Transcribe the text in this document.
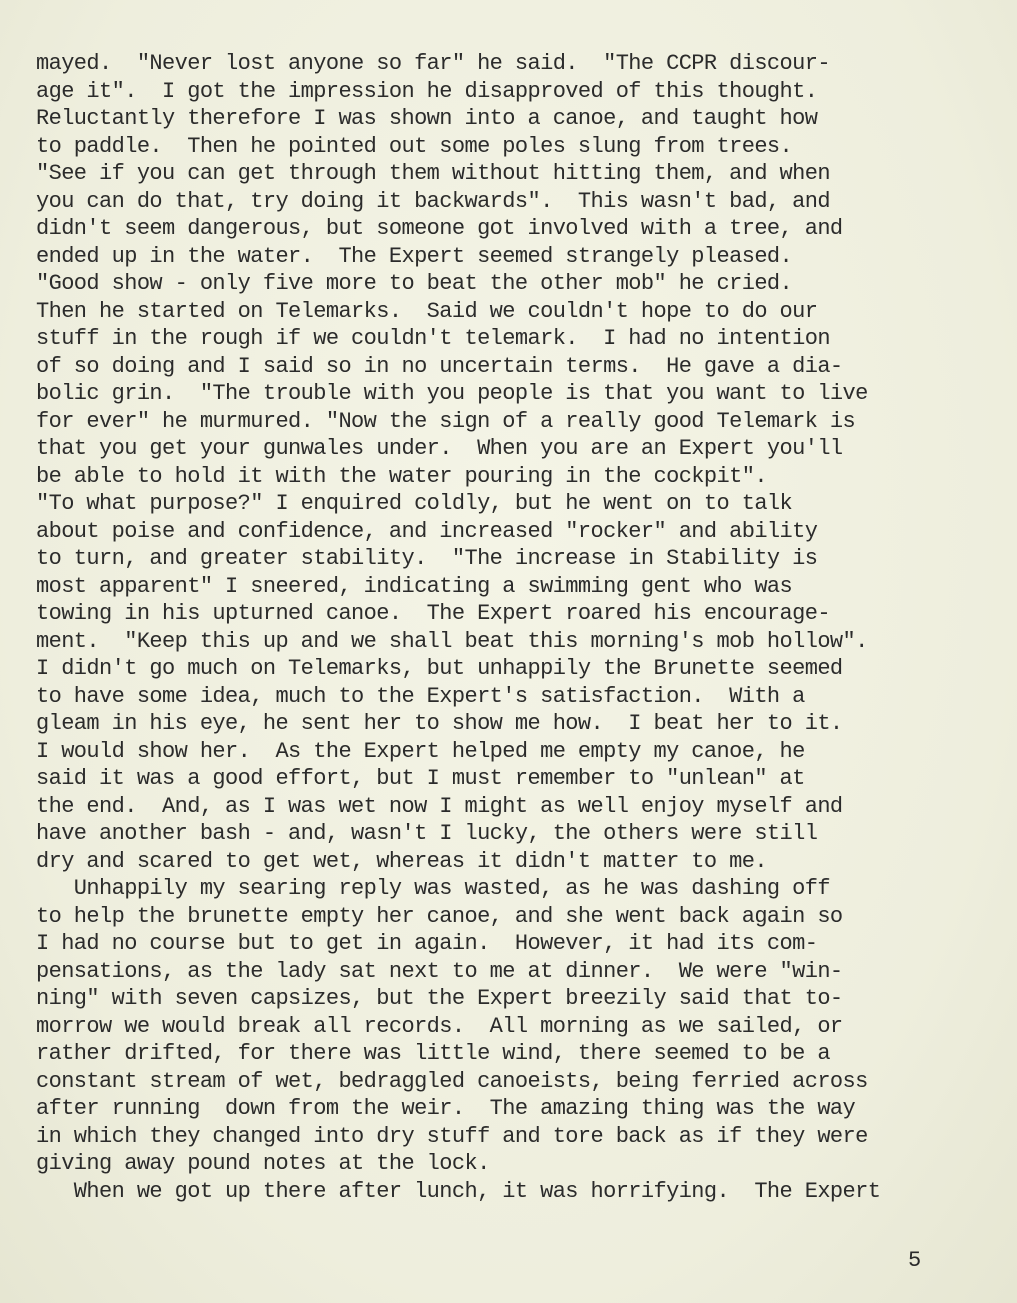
mayed.  "Never lost anyone so far" he said.  "The CCPR discour-
age it".  I got the impression he disapproved of this thought.
Reluctantly therefore I was shown into a canoe, and taught how
to paddle.  Then he pointed out some poles slung from trees.
"See if you can get through them without hitting them, and when
you can do that, try doing it backwards".  This wasn't bad, and
didn't seem dangerous, but someone got involved with a tree, and
ended up in the water.  The Expert seemed strangely pleased.
"Good show - only five more to beat the other mob" he cried.
Then he started on Telemarks.  Said we couldn't hope to do our
stuff in the rough if we couldn't telemark.  I had no intention
of so doing and I said so in no uncertain terms.  He gave a dia-
bolic grin.  "The trouble with you people is that you want to live
for ever" he murmured. "Now the sign of a really good Telemark is
that you get your gunwales under.  When you are an Expert you'll
be able to hold it with the water pouring in the cockpit".
"To what purpose?" I enquired coldly, but he went on to talk
about poise and confidence, and increased "rocker" and ability
to turn, and greater stability.  "The increase in Stability is
most apparent" I sneered, indicating a swimming gent who was
towing in his upturned canoe.  The Expert roared his encourage-
ment.  "Keep this up and we shall beat this morning's mob hollow".
I didn't go much on Telemarks, but unhappily the Brunette seemed
to have some idea, much to the Expert's satisfaction.  With a
gleam in his eye, he sent her to show me how.  I beat her to it.
I would show her.  As the Expert helped me empty my canoe, he
said it was a good effort, but I must remember to "unlean" at
the end.  And, as I was wet now I might as well enjoy myself and
have another bash - and, wasn't I lucky, the others were still
dry and scared to get wet, whereas it didn't matter to me.
Unhappily my searing reply was wasted, as he was dashing off
to help the brunette empty her canoe, and she went back again so
I had no course but to get in again.  However, it had its com-
pensations, as the lady sat next to me at dinner.  We were "win-
ning" with seven capsizes, but the Expert breezily said that to-
morrow we would break all records.  All morning as we sailed, or
rather drifted, for there was little wind, there seemed to be a
constant stream of wet, bedraggled canoeists, being ferried across
after running  down from the weir.  The amazing thing was the way
in which they changed into dry stuff and tore back as if they were
giving away pound notes at the lock.
When we got up there after lunch, it was horrifying.  The Expert
5
